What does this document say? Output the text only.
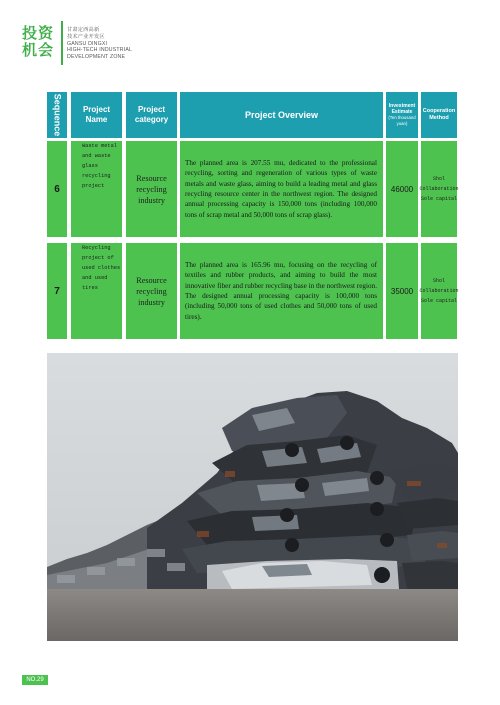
投资机会
甘肃定西高新
技术产业开发区
GANSU DINGXI
HIGH-TECH INDUSTRIAL
DEVELOPMENT ZONE
Sequence	Project Name
Project category	Project Overview
Investment Estimate
(Ten thousand yuan)
Cooperation Method
6
Waste metal
and waste
glass
recycling
project
Resource
recycling
industry
The planned area is 207.55 mu, dedicated to the professional recycling, sorting and regeneration of various types of waste metals and waste glass, aiming to build a leading metal and glass recycling resource center in the northwest region. The designed annual processing capacity is 150,000 tons (including 100,000 tons of scrap metal and 50,000 tons of scrap glass).
46000
Shol
Collaboration
Sole capital
7
Recycling
project of
used clothes
and used
tires
Resource
recycling
industry
The planned area is 165.96 mu, focusing on the recycling of textiles and rubber products, and aiming to build the most innovative fiber and rubber recycling base in the northwest region. The designed annual processing capacity is 100,000 tons (including 50,000 tons of used clothes and 50,000 tons of used tires).
35000
Shol
Collaboration
Sole capital
NO.29
